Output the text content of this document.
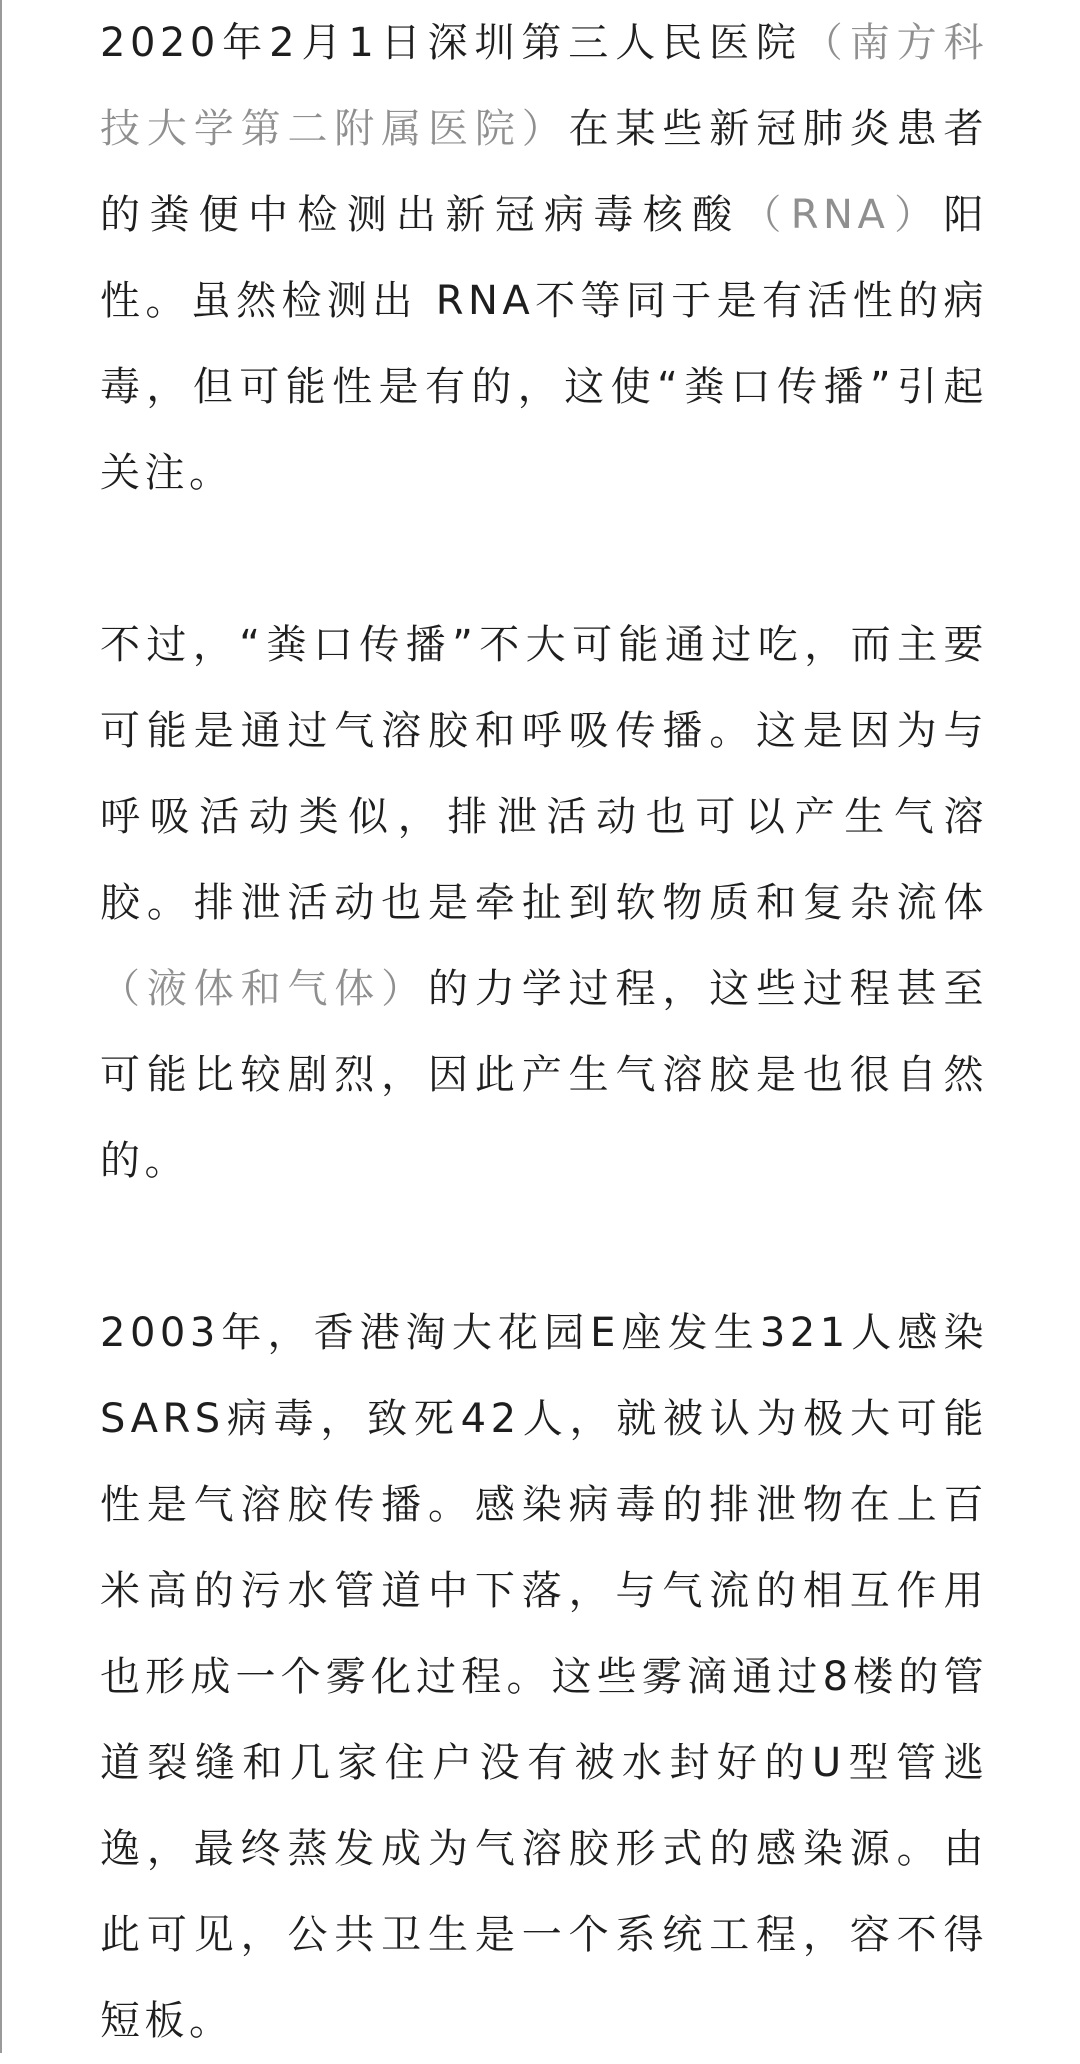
2020年2月1日深圳第三人民医院（南方科技大学第二附属医院）在某些新冠肺炎患者的粪便中检测出新冠病毒核酸（RNA）阳性。虽然检测出 RNA不等同于是有活性的病毒，但可能性是有的，这使“粪口传播”引起关注。

不过，“粪口传播”不大可能通过吃，而主要可能是通过气溶胶和呼吸传播。这是因为与呼吸活动类似，排泄活动也可以产生气溶胶。排泄活动也是牵扯到软物质和复杂流体（液体和气体）的力学过程，这些过程甚至可能比较剧烈，因此产生气溶胶是也很自然的。

2003年，香港淘大花园E座发生321人感染SARS病毒，致死42人，就被认为极大可能性是气溶胶传播。感染病毒的排泄物在上百米高的污水管道中下落，与气流的相互作用也形成一个雾化过程。这些雾滴通过8楼的管道裂缝和几家住户没有被水封好的U型管逃逸，最终蒸发成为气溶胶形式的感染源。由此可见，公共卫生是一个系统工程，容不得短板。
